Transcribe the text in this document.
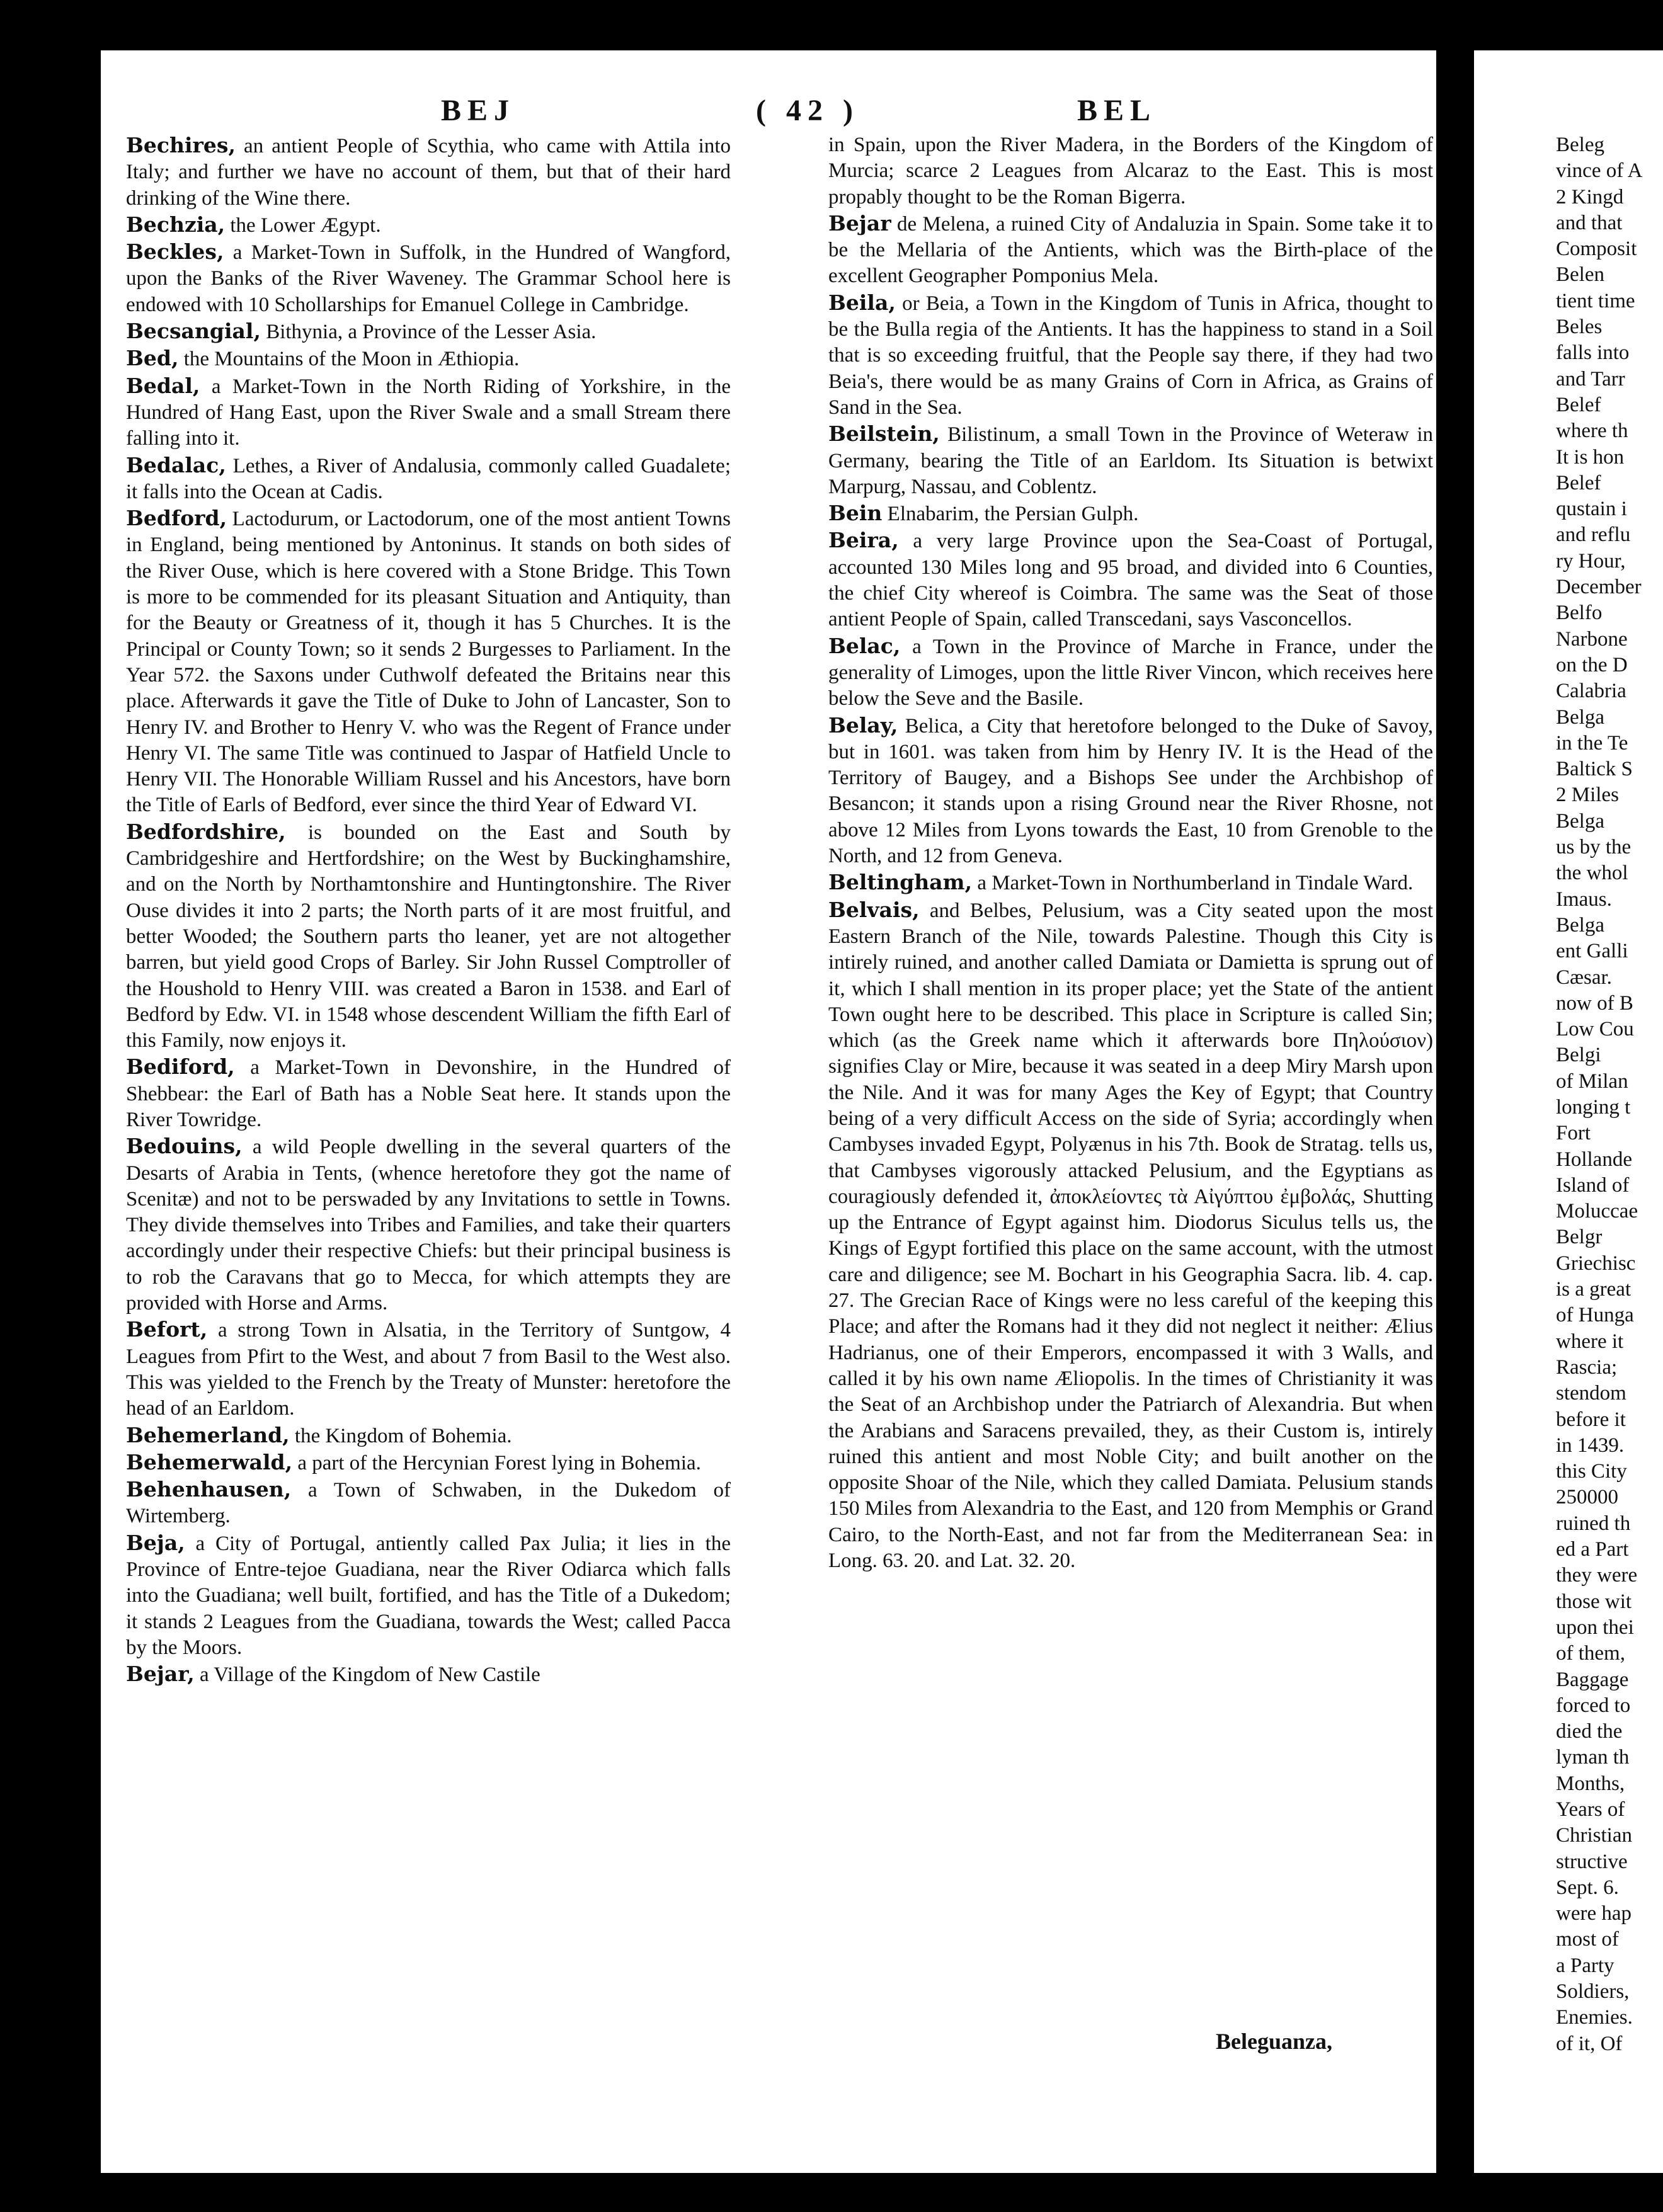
BEJ	( 42 )	BEL

Bechires, an antient People of Scythia, who came with Attila into Italy; and further we have no account of them, but that of their hard drinking of the Wine there.

Bechzia, the Lower Ægypt.

Beckles, a Market-Town in Suffolk, in the Hundred of Wangford, upon the Banks of the River Waveney. The Grammar School here is endowed with 10 Schollarships for Emanuel College in Cambridge.

Becsangial, Bithynia, a Province of the Lesser Asia.

Bed, the Mountains of the Moon in Æthiopia.

Bedal, a Market-Town in the North Riding of Yorkshire, in the Hundred of Hang East, upon the River Swale and a small Stream there falling into it.

Bedalac, Lethes, a River of Andalusia, commonly called Guadalete; it falls into the Ocean at Cadis.

Bedford, Lactodurum, or Lactodorum, one of the most antient Towns in England, being mentioned by Antoninus. It stands on both sides of the River Ouse, which is here covered with a Stone Bridge. This Town is more to be commended for its pleasant Situation and Antiquity, than for the Beauty or Greatness of it, though it has 5 Churches. It is the Principal or County Town; so it sends 2 Burgesses to Parliament. In the Year 572. the Saxons under Cuthwolf defeated the Britains near this place. Afterwards it gave the Title of Duke to John of Lancaster, Son to Henry IV. and Brother to Henry V. who was the Regent of France under Henry VI. The same Title was continued to Jaspar of Hatfield Uncle to Henry VII. The Honorable William Russel and his Ancestors, have born the Title of Earls of Bedford, ever since the third Year of Edward VI.

Bedfordshire, is bounded on the East and South by Cambridgeshire and Hertfordshire; on the West by Buckinghamshire, and on the North by Northamtonshire and Huntingtonshire. The River Ouse divides it into 2 parts; the North parts of it are most fruitful, and better Wooded; the Southern parts tho leaner, yet are not altogether barren, but yield good Crops of Barley. Sir John Russel Comptroller of the Houshold to Henry VIII. was created a Baron in 1538. and Earl of Bedford by Edw. VI. in 1548 whose descendent William the fifth Earl of this Family, now enjoys it.

Bediford, a Market-Town in Devonshire, in the Hundred of Shebbear: the Earl of Bath has a Noble Seat here. It stands upon the River Towridge.

Bedouins, a wild People dwelling in the several quarters of the Desarts of Arabia in Tents, (whence heretofore they got the name of Scenitæ) and not to be perswaded by any Invitations to settle in Towns. They divide themselves into Tribes and Families, and take their quarters accordingly under their respective Chiefs: but their principal business is to rob the Caravans that go to Mecca, for which attempts they are provided with Horse and Arms.

Befort, a strong Town in Alsatia, in the Territory of Suntgow, 4 Leagues from Pfirt to the West, and about 7 from Basil to the West also. This was yielded to the French by the Treaty of Munster: heretofore the head of an Earldom.

Behemerland, the Kingdom of Bohemia.

Behemerwald, a part of the Hercynian Forest lying in Bohemia.

Behenhausen, a Town of Schwaben, in the Dukedom of Wirtemberg.

Beja, a City of Portugal, antiently called Pax Julia; it lies in the Province of Entre-tejoe Guadiana, near the River Odiarca which falls into the Guadiana; well built, fortified, and has the Title of a Dukedom; it stands 2 Leagues from the Guadiana, towards the West; called Pacca by the Moors.

Bejar, a Village of the Kingdom of New Castile

in Spain, upon the River Madera, in the Borders of the Kingdom of Murcia; scarce 2 Leagues from Alcaraz to the East. This is most propably thought to be the Roman Bigerra.

Bejar de Melena, a ruined City of Andaluzia in Spain. Some take it to be the Mellaria of the Antients, which was the Birth-place of the excellent Geographer Pomponius Mela.

Beila, or Beia, a Town in the Kingdom of Tunis in Africa, thought to be the Bulla regia of the Antients. It has the happiness to stand in a Soil that is so exceeding fruitful, that the People say there, if they had two Beia's, there would be as many Grains of Corn in Africa, as Grains of Sand in the Sea.

Beilstein, Bilistinum, a small Town in the Province of Weteraw in Germany, bearing the Title of an Earldom. Its Situation is betwixt Marpurg, Nassau, and Coblentz.

Bein Elnabarim, the Persian Gulph.

Beira, a very large Province upon the Sea-Coast of Portugal, accounted 130 Miles long and 95 broad, and divided into 6 Counties, the chief City whereof is Coimbra. The same was the Seat of those antient People of Spain, called Transcedani, says Vasconcellos.

Belac, a Town in the Province of Marche in France, under the generality of Limoges, upon the little River Vincon, which receives here below the Seve and the Basile.

Belay, Belica, a City that heretofore belonged to the Duke of Savoy, but in 1601. was taken from him by Henry IV. It is the Head of the Territory of Baugey, and a Bishops See under the Archbishop of Besancon; it stands upon a rising Ground near the River Rhosne, not above 12 Miles from Lyons towards the East, 10 from Grenoble to the North, and 12 from Geneva.

Beltingham, a Market-Town in Northumberland in Tindale Ward.

Belvais, and Belbes, Pelusium, was a City seated upon the most Eastern Branch of the Nile, towards Palestine. Though this City is intirely ruined, and another called Damiata or Damietta is sprung out of it, which I shall mention in its proper place; yet the State of the antient Town ought here to be described. This place in Scripture is called Sin; which (as the Greek name which it afterwards bore Πηλούσιον) signifies Clay or Mire, because it was seated in a deep Miry Marsh upon the Nile. And it was for many Ages the Key of Egypt; that Country being of a very difficult Access on the side of Syria; accordingly when Cambyses invaded Egypt, Polyænus in his 7th. Book de Stratag. tells us, that Cambyses vigorously attacked Pelusium, and the Egyptians as couragiously defended it, ἀποκλείοντες τὰ Αἰγύπτου ἐμβολάς, Shutting up the Entrance of Egypt against him. Diodorus Siculus tells us, the Kings of Egypt fortified this place on the same account, with the utmost care and diligence; see M. Bochart in his Geographia Sacra. lib. 4. cap. 27. The Grecian Race of Kings were no less careful of the keeping this Place; and after the Romans had it they did not neglect it neither: Ælius Hadrianus, one of their Emperors, encompassed it with 3 Walls, and called it by his own name Æliopolis. In the times of Christianity it was the Seat of an Archbishop under the Patriarch of Alexandria. But when the Arabians and Saracens prevailed, they, as their Custom is, intirely ruined this antient and most Noble City; and built another on the opposite Shoar of the Nile, which they called Damiata. Pelusium stands 150 Miles from Alexandria to the East, and 120 from Memphis or Grand Cairo, to the North-East, and not far from the Mediterranean Sea: in Long. 63. 20. and Lat. 32. 20.

Beleguanza,

Beleg

vince of A

2 Kingd

and that

Composit

Belen

tient time

Beles

falls into

and Tarr

Belef

where th

It is hon

Belef

qustain i

and reflu

ry Hour,

December

Belfo

Narbone

on the D

Calabria

Belga

in the Te

Baltick S

2 Miles

Belga

us by the

the whol

Imaus.

Belga

ent Galli

Cæsar.

now of B

Low Cou

Belgi

of Milan

longing t

Fort

Hollande

Island of

Moluccae

Belgr

Griechisc

is a great

of Hunga

where it

Rascia;

stendom

before it

in 1439.

this City

250000

ruined th

ed a Part

they were

those wit

upon thei

of them,

Baggage

forced to

died the

lyman th

Months,

Years of

Christian

structive

Sept. 6.

were hap

most of

a Party

Soldiers,

Enemies.

of it, Of
